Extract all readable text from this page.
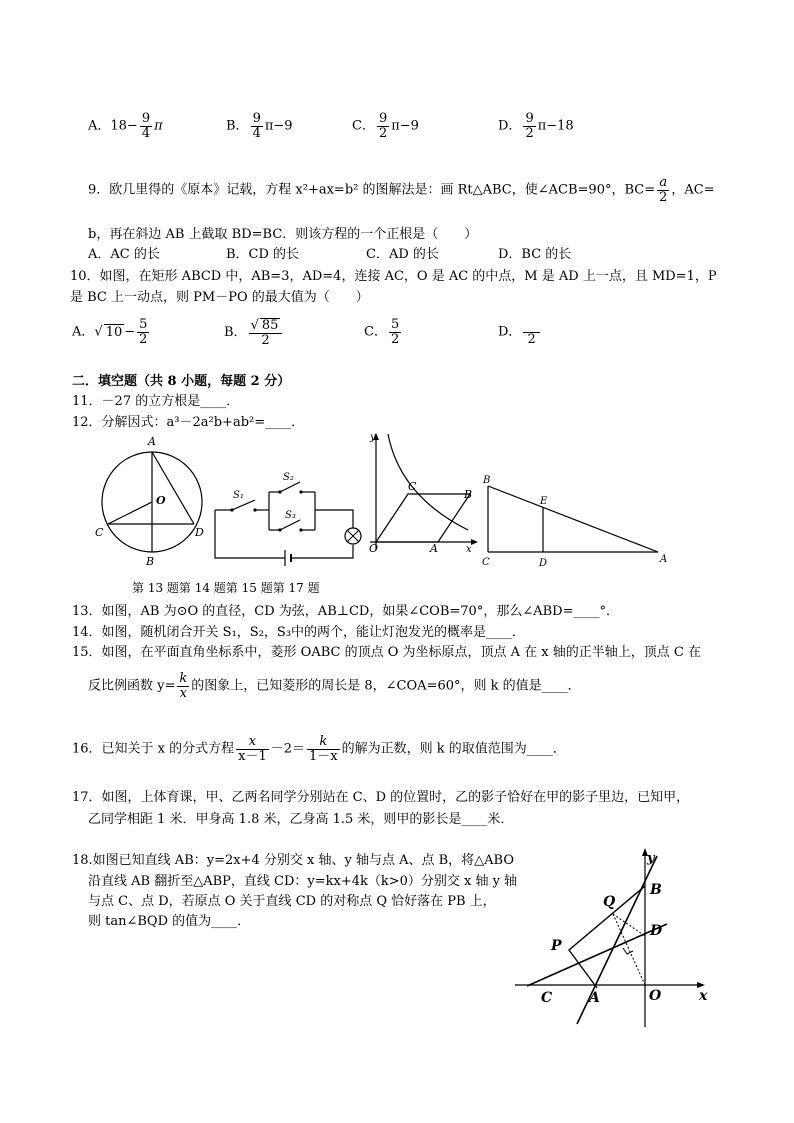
A．$18- \frac{9}{4}$ π	B． $\frac{9}{4} \pi-9$	C． $\frac{9}{2} \pi-9$	D． $\frac{9}{2} \pi-18$
9．欧几里得的《原本》记载，方程 x²+ax=b² 的图解法是：画 Rt△ABC，使∠ACB=90°，$BC= \frac{a}{2}$ ，AC=
b，再在斜边 AB 上截取 BD=BC．则该方程的一个正根是（　　）
A．AC 的长	B．CD 的长	C．AD 的长	D．BC 的长
10．如图，在矩形 ABCD 中，AB=3，AD=4，连接 AC，O 是 AC 的中点，M 是 AD 上一点，且 MD=1，P
是 BC 上一动点，则 PM－PO 的最大值为（　　）
A．√ $10 - \frac{5}{2}$	B． $\frac{√ 85}{2}$	C． $\frac{5}{2}$	D．
2
二．填空题（共 8 小题，每题 2 分）
11．－27 的立方根是____．
12．分解因式：a³－2a²b+ab²=____．
A
O
C	D
B
S₁
S₂
S₃
y
C
B
O	A	x
B
E
C	D	A
第 13 题第 14 题第 15 题第 17 题
13．如图，AB 为⊙O 的直径，CD 为弦，AB⊥CD，如果∠COB=70°，那么∠ABD=____°．
14．如图，随机闭合开关 S₁，S₂，S₃中的两个，能让灯泡发光的概率是____．
15．如图，在平面直角坐标系中，菱形 OABC 的顶点 O 为坐标原点，顶点 A 在 x 轴的正半轴上，顶点 C 在
反比例函数 $y= \frac{k}{x}$ 的图象上，已知菱形的周长是 8，∠COA=60°，则 k 的值是____．
16．已知关于 x 的分式方程 $\frac{x}{x-1} -2= \frac{k}{1-x}$ 的解为正数，则 k 的取值范围为____．
17．如图，上体育课，甲、乙两名同学分别站在 C、D 的位置时，乙的影子恰好在甲的影子里边，已知甲，
乙同学相距 1 米．甲身高 1.8 米，乙身高 1.5 米，则甲的影长是____米．
18.如图已知直线 AB：y=2x+4 分别交 x 轴、y 轴与点 A、点 B，将△ABO
沿直线 AB 翻折至△ABP，直线 CD：y=kx+4k（k>0）分别交 x 轴 y 轴
与点 C、点 D，若原点 O 关于直线 CD 的对称点 Q 恰好落在 PB 上，
则 tan∠BQD 的值为____．
y
B
Q
D
P
C	A	O	x
